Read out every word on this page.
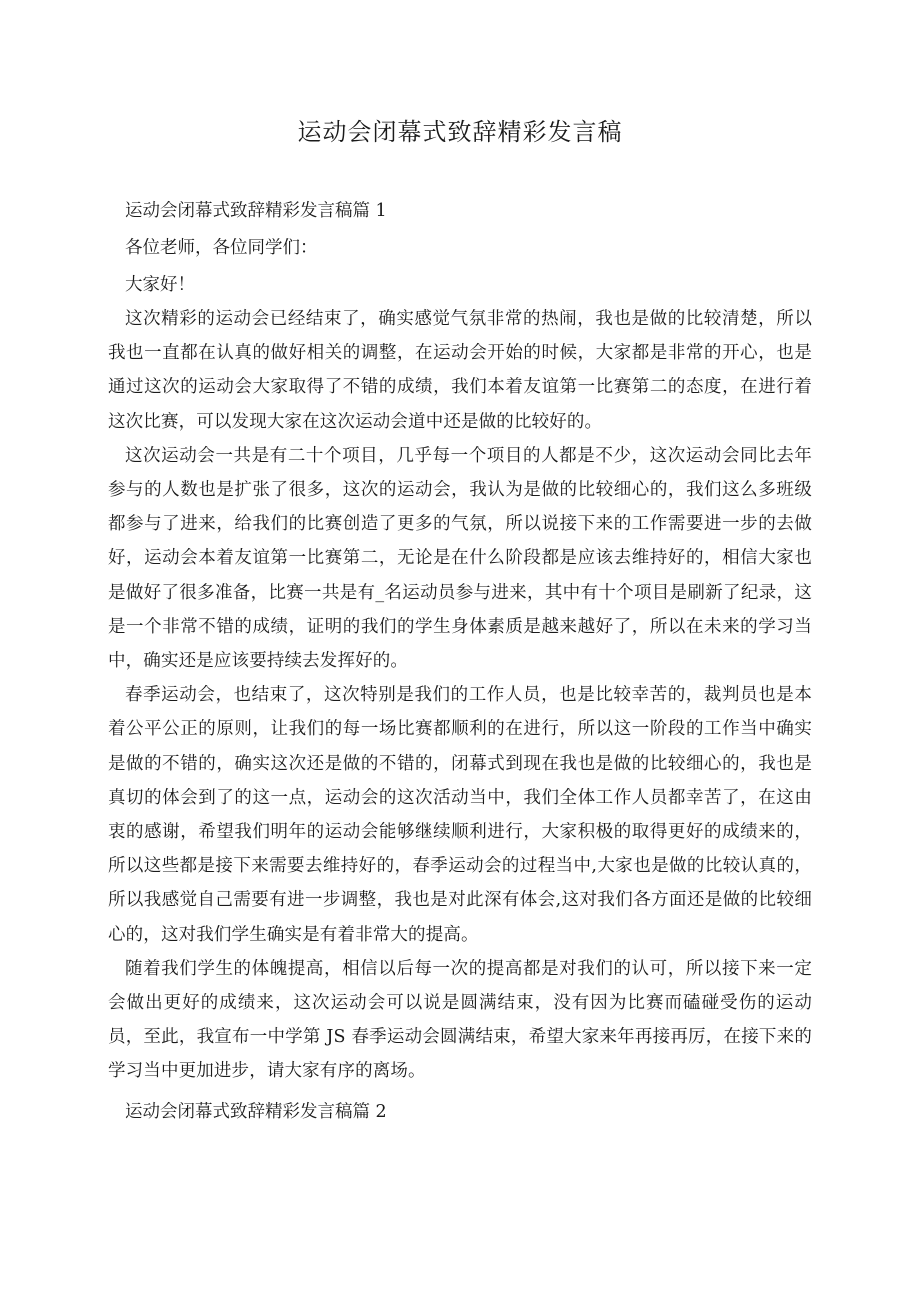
运动会闭幕式致辞精彩发言稿

运动会闭幕式致辞精彩发言稿篇 1

各位老师，各位同学们：

大家好！

这次精彩的运动会已经结束了，确实感觉气氛非常的热闹，我也是做的比较清楚，所以我也一直都在认真的做好相关的调整，在运动会开始的时候，大家都是非常的开心，也是通过这次的运动会大家取得了不错的成绩，我们本着友谊第一比赛第二的态度，在进行着这次比赛，可以发现大家在这次运动会道中还是做的比较好的。

这次运动会一共是有二十个项目，几乎每一个项目的人都是不少，这次运动会同比去年参与的人数也是扩张了很多，这次的运动会，我认为是做的比较细心的，我们这么多班级都参与了进来，给我们的比赛创造了更多的气氛，所以说接下来的工作需要进一步的去做好，运动会本着友谊第一比赛第二，无论是在什么阶段都是应该去维持好的，相信大家也是做好了很多准备，比赛一共是有_名运动员参与进来，其中有十个项目是刷新了纪录，这是一个非常不错的成绩，证明的我们的学生身体素质是越来越好了，所以在未来的学习当中，确实还是应该要持续去发挥好的。

春季运动会，也结束了，这次特别是我们的工作人员，也是比较幸苦的，裁判员也是本着公平公正的原则，让我们的每一场比赛都顺利的在进行，所以这一阶段的工作当中确实是做的不错的，确实这次还是做的不错的，闭幕式到现在我也是做的比较细心的，我也是真切的体会到了的这一点，运动会的这次活动当中，我们全体工作人员都幸苦了，在这由衷的感谢，希望我们明年的运动会能够继续顺利进行，大家积极的取得更好的成绩来的，所以这些都是接下来需要去维持好的，春季运动会的过程当中,大家也是做的比较认真的，所以我感觉自己需要有进一步调整，我也是对此深有体会,这对我们各方面还是做的比较细心的，这对我们学生确实是有着非常大的提高。

随着我们学生的体魄提高，相信以后每一次的提高都是对我们的认可，所以接下来一定会做出更好的成绩来，这次运动会可以说是圆满结束，没有因为比赛而磕碰受伤的运动员，至此，我宣布一中学第 JS 春季运动会圆满结束，希望大家来年再接再厉，在接下来的学习当中更加进步，请大家有序的离场。

运动会闭幕式致辞精彩发言稿篇 2
